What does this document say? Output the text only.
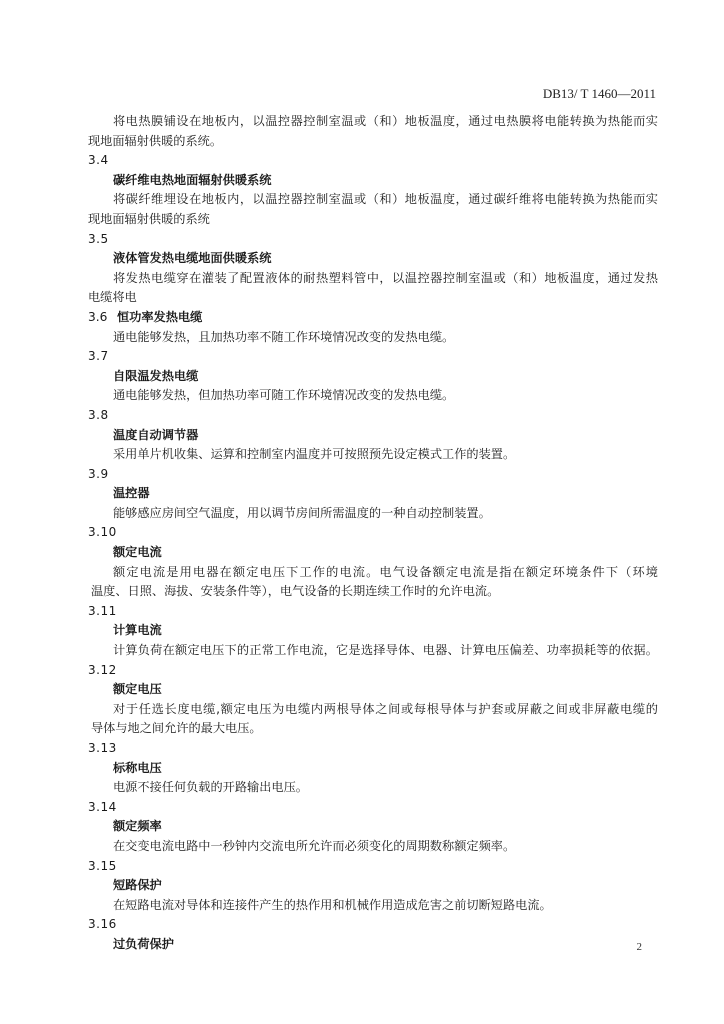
DB13/ T 1460—2011
将电热膜铺设在地板内，以温控器控制室温或（和）地板温度，通过电热膜将电能转换为热能而实
现地面辐射供暖的系统。
3.4
碳纤维电热地面辐射供暖系统
将碳纤维埋设在地板内，以温控器控制室温或（和）地板温度，通过碳纤维将电能转换为热能而实
现地面辐射供暖的系统
3.5
液体管发热电缆地面供暖系统
将发热电缆穿在灌装了配置液体的耐热塑料管中，以温控器控制室温或（和）地板温度，通过发热
电缆将电
3.6 恒功率发热电缆
通电能够发热，且加热功率不随工作环境情况改变的发热电缆。
3.7
自限温发热电缆
通电能够发热，但加热功率可随工作环境情况改变的发热电缆。
3.8
温度自动调节器
采用单片机收集、运算和控制室内温度并可按照预先设定模式工作的装置。
3.9
温控器
能够感应房间空气温度，用以调节房间所需温度的一种自动控制装置。
3.10
额定电流
额定电流是用电器在额定电压下工作的电流。电气设备额定电流是指在额定环境条件下（环境
温度、日照、海拔、安装条件等），电气设备的长期连续工作时的允许电流。
3.11
计算电流
计算负荷在额定电压下的正常工作电流，它是选择导体、电器、计算电压偏差、功率损耗等的依据。
3.12
额定电压
对于任选长度电缆,额定电压为电缆内两根导体之间或每根导体与护套或屏蔽之间或非屏蔽电缆的
导体与地之间允许的最大电压。
3.13
标称电压
电源不接任何负载的开路输出电压。
3.14
额定频率
在交变电流电路中一秒钟内交流电所允许而必须变化的周期数称额定频率。
3.15
短路保护
在短路电流对导体和连接件产生的热作用和机械作用造成危害之前切断短路电流。
3.16
过负荷保护	2
